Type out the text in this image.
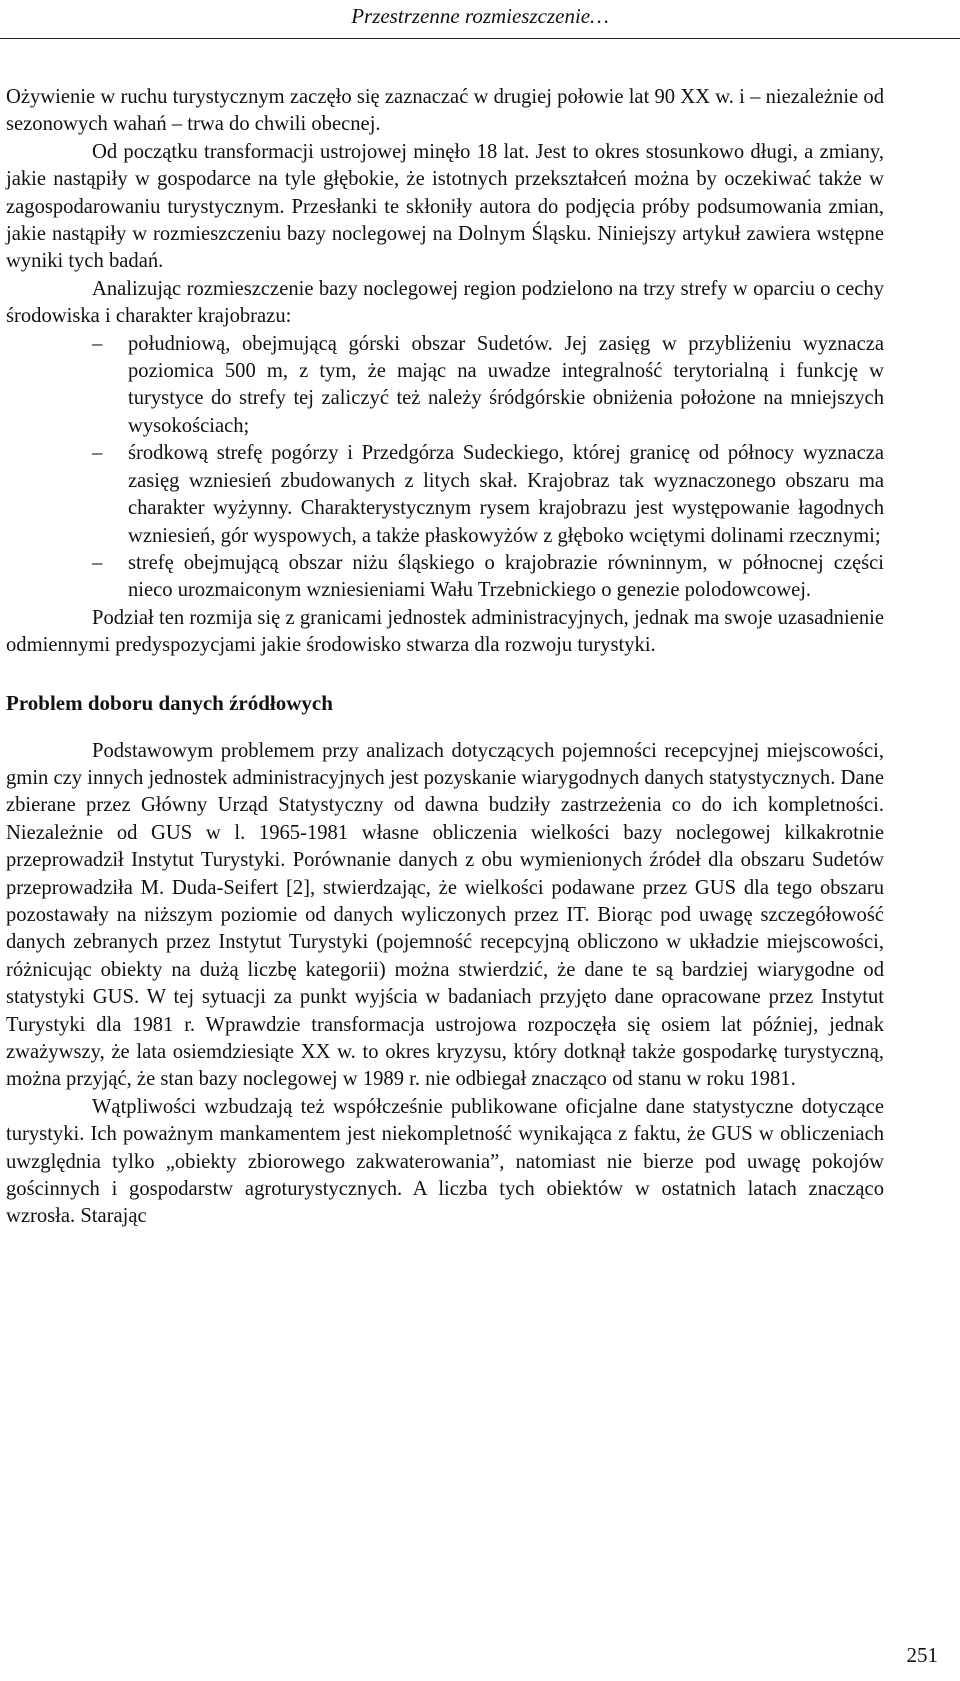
Przestrzenne rozmieszczenie…

Ożywienie w ruchu turystycznym zaczęło się zaznaczać w drugiej połowie lat 90 XX w. i – niezależnie od sezonowych wahań – trwa do chwili obecnej.

Od początku transformacji ustrojowej minęło 18 lat. Jest to okres stosunkowo długi, a zmiany, jakie nastąpiły w gospodarce na tyle głębokie, że istotnych przekształceń można by oczekiwać także w zagospodarowaniu turystycznym. Przesłanki te skłoniły autora do podjęcia próby podsumowania zmian, jakie nastąpiły w rozmieszczeniu bazy noclegowej na Dolnym Śląsku. Niniejszy artykuł zawiera wstępne wyniki tych badań.

Analizując rozmieszczenie bazy noclegowej region podzielono na trzy strefy w oparciu o cechy środowiska i charakter krajobrazu:

– południową, obejmującą górski obszar Sudetów. Jej zasięg w przybliżeniu wyznacza poziomica 500 m, z tym, że mając na uwadze integralność terytorialną i funkcję w turystyce do strefy tej zaliczyć też należy śródgórskie obniżenia położone na mniejszych wysokościach;
– środkową strefę pogórzy i Przedgórza Sudeckiego, której granicę od północy wyznacza zasięg wzniesień zbudowanych z litych skał. Krajobraz tak wyznaczonego obszaru ma charakter wyżynny. Charakterystycznym rysem krajobrazu jest występowanie łagodnych wzniesień, gór wyspowych, a także płaskowyżów z głęboko wciętymi dolinami rzecznymi;
– strefę obejmującą obszar niżu śląskiego o krajobrazie równinnym, w północnej części nieco urozmaiconym wzniesieniami Wału Trzebnickiego o genezie polodowcowej.

Podział ten rozmija się z granicami jednostek administracyjnych, jednak ma swoje uzasadnienie odmiennymi predyspozycjami jakie środowisko stwarza dla rozwoju turystyki.

Problem doboru danych źródłowych

Podstawowym problemem przy analizach dotyczących pojemności recepcyjnej miejscowości, gmin czy innych jednostek administracyjnych jest pozyskanie wiarygodnych danych statystycznych. Dane zbierane przez Główny Urząd Statystyczny od dawna budziły zastrzeżenia co do ich kompletności. Niezależnie od GUS w l. 1965-1981 własne obliczenia wielkości bazy noclegowej kilkakrotnie przeprowadził Instytut Turystyki. Porównanie danych z obu wymienionych źródeł dla obszaru Sudetów przeprowadziła M. Duda-Seifert [2], stwierdzając, że wielkości podawane przez GUS dla tego obszaru pozostawały na niższym poziomie od danych wyliczonych przez IT. Biorąc pod uwagę szczegółowość danych zebranych przez Instytut Turystyki (pojemność recepcyjną obliczono w układzie miejscowości, różnicując obiekty na dużą liczbę kategorii) można stwierdzić, że dane te są bardziej wiarygodne od statystyki GUS. W tej sytuacji za punkt wyjścia w badaniach przyjęto dane opracowane przez Instytut Turystyki dla 1981 r. Wprawdzie transformacja ustrojowa rozpoczęła się osiem lat później, jednak zważywszy, że lata osiemdziesiąte XX w. to okres kryzysu, który dotknął także gospodarkę turystyczną, można przyjąć, że stan bazy noclegowej w 1989 r. nie odbiegał znacząco od stanu w roku 1981.

Wątpliwości wzbudzają też współcześnie publikowane oficjalne dane statystyczne dotyczące turystyki. Ich poważnym mankamentem jest niekompletność wynikająca z faktu, że GUS w obliczeniach uwzględnia tylko „obiekty zbiorowego zakwaterowania”, natomiast nie bierze pod uwagę pokojów gościnnych i gospodarstw agroturystycznych. A liczba tych obiektów w ostatnich latach znacząco wzrosła. Starając

251
